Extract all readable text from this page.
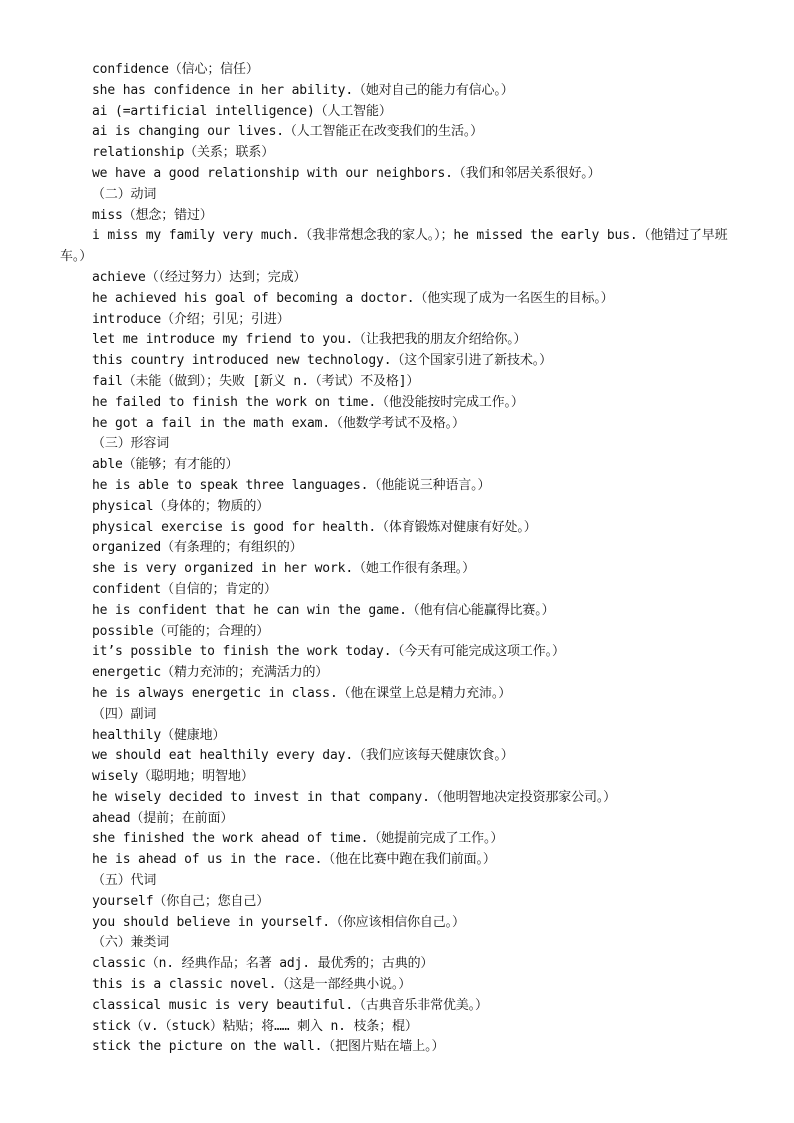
confidence（信心；信任）
she has confidence in her ability.（她对自己的能力有信心。）
ai (=artificial intelligence)（人工智能）
ai is changing our lives.（人工智能正在改变我们的生活。）
relationship（关系；联系）
we have a good relationship with our neighbors.（我们和邻居关系很好。）
（二）动词
miss（想念；错过）
i miss my family very much.（我非常想念我的家人。）；he missed the early bus.（他错过了早班车。）
achieve（（经过努力）达到；完成）
he achieved his goal of becoming a doctor.（他实现了成为一名医生的目标。）
introduce（介绍；引见；引进）
let me introduce my friend to you.（让我把我的朋友介绍给你。）
this country introduced new technology.（这个国家引进了新技术。）
fail（未能（做到）；失败 [新义 n.（考试）不及格]）
he failed to finish the work on time.（他没能按时完成工作。）
he got a fail in the math exam.（他数学考试不及格。）
（三）形容词
able（能够；有才能的）
he is able to speak three languages.（他能说三种语言。）
physical（身体的；物质的）
physical exercise is good for health.（体育锻炼对健康有好处。）
organized（有条理的；有组织的）
she is very organized in her work.（她工作很有条理。）
confident（自信的；肯定的）
he is confident that he can win the game.（他有信心能赢得比赛。）
possible（可能的；合理的）
it’s possible to finish the work today.（今天有可能完成这项工作。）
energetic（精力充沛的；充满活力的）
he is always energetic in class.（他在课堂上总是精力充沛。）
（四）副词
healthily（健康地）
we should eat healthily every day.（我们应该每天健康饮食。）
wisely（聪明地；明智地）
he wisely decided to invest in that company.（他明智地决定投资那家公司。）
ahead（提前；在前面）
she finished the work ahead of time.（她提前完成了工作。）
he is ahead of us in the race.（他在比赛中跑在我们前面。）
（五）代词
yourself（你自己；您自己）
you should believe in yourself.（你应该相信你自己。）
（六）兼类词
classic（n. 经典作品；名著 adj. 最优秀的；古典的）
this is a classic novel.（这是一部经典小说。）
classical music is very beautiful.（古典音乐非常优美。）
stick（v.（stuck）粘贴；将…… 刺入 n. 枝条；棍）
stick the picture on the wall.（把图片贴在墙上。）
